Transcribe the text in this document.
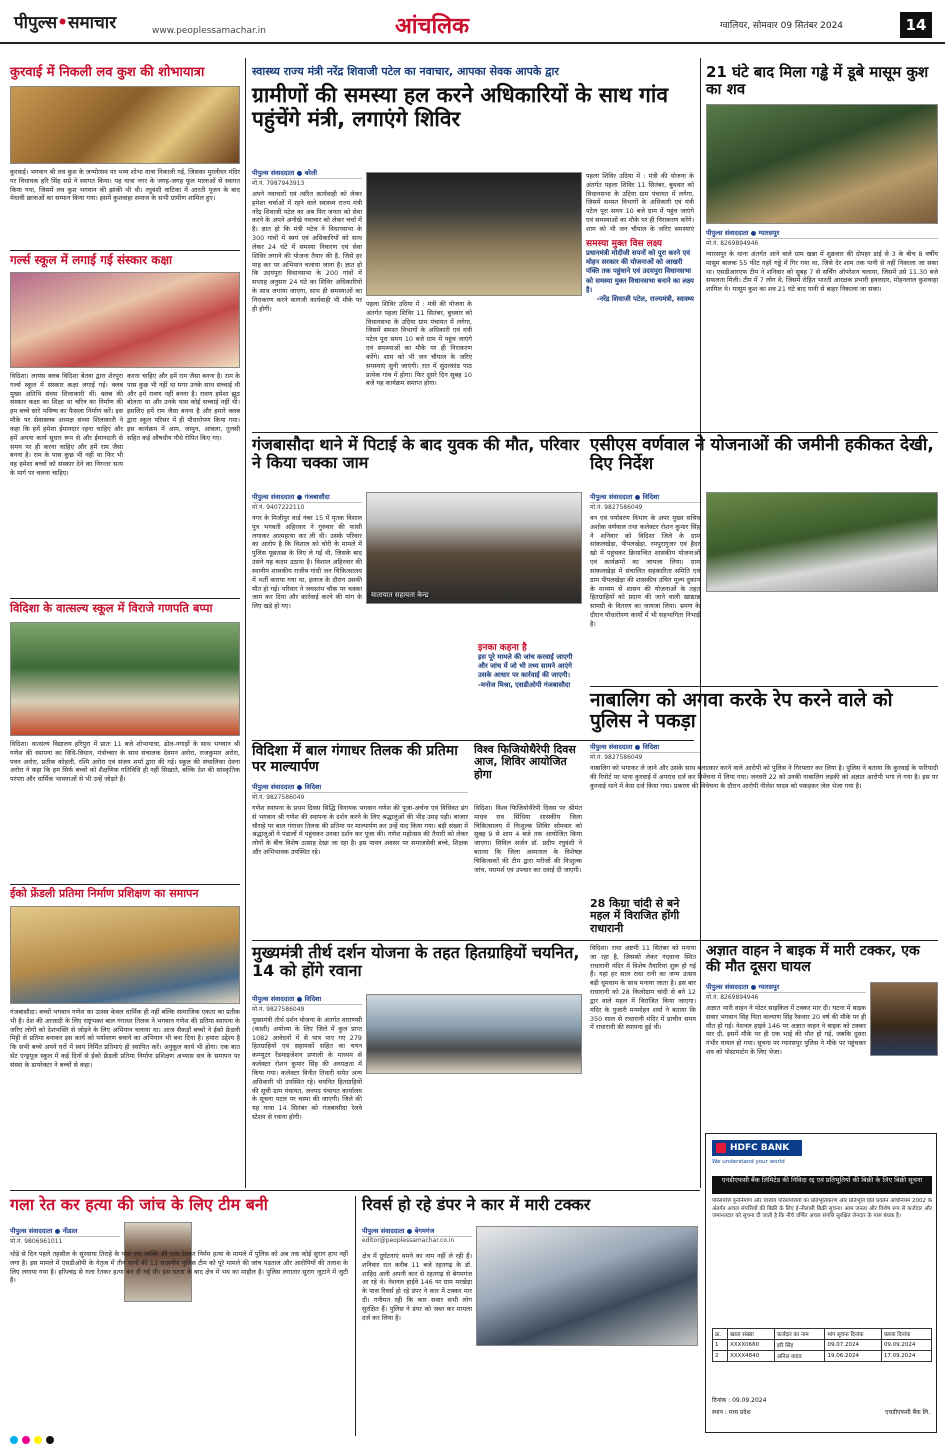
पीपुल्स•समाचार	www.peoplessamachar.in	आंचलिक	ग्वालियर, सोमवार 09 सितंबर 2024	14
कुरवाई में निकली लव कुश की शोभायात्रा
कुरवाई। भगवान श्री लव कुश के जन्मोत्सव पर भव्य शोभा यात्रा निकाली गई, जिसका मुरलीधर मंदिर पर विधायक हरि सिंह सप्रे ने स्वागत किया। यह यात्रा नगर के जगह-जगह फूल मालाओं से स्वागत किया गया, जिसमें लव कुश भगवान की झांकी भी थी। रघुवंशी वाटिका में आरती पूजन के बाद मेधावी छात्राओं का सम्मान किया गया। इसमें कुशवाहा समाज के सभी ग्रामीण शामिल हुए।
गर्ल्स स्कूल में लगाई गई संस्कार कक्षा
विदिशा। लायंस क्लब विदिशा बेतवा द्वारा शेरपुरा गर्ल्स स्कूल में संस्कार कक्षा लगाई गई। क्लब मुख्य अतिथि संध्या शिलाकारी थीं। क्लब की संस्कार कक्षा का शिक्षा था चरित्र का निर्माण की हम बच्चे सारे भविष्य का फैसला निर्माण करें। इस मौके पर सेवाक्लब अध्यक्ष संध्या शिलाकारी ने कहा कि हमें हमेशा ईमानदार रहना चाहिए और हमें अपना कार्य सुधार रूप से और ईमानदारी से समय पर ही करना चाहिए और हमें राम जैसा बनना है। राम के पास कुछ भी नहीं था फिर भी वह हमेशा बच्चों को संस्कार देने का निरन्तर सत्य के मार्ग पर चलना चाहिए।
करना चाहिए और हमें राम जैसा बनना है। राम के पास कुछ भी नहीं था मगर उनके साथ सच्चाई थी और हमें रावण नहीं बनना है। रावण हमेशा झूठ बोलता था और उनके पास कोई सच्चाई नहीं थी। इसलिए हमें राम जैसा बनना है और हमारे क्लब द्वारा स्कूल परिसर में ही पौधारोपण किया गया। इस कार्यक्रम में आम, जामुन, आंवला, तुलसी सहित कई औषधीय पौधे रोपित किए गए।
विदिशा के वात्सल्य स्कूल में विराजे गणपति बप्पा
विदिशा। वात्सल्य विद्यालय हरिपुरा में प्रातः 11 बजे शोभायात्रा, ढोल-नगाड़ों के साथ भगवान श्री गणेश की स्थापना का विधि-विधान, मंत्रोच्चार के साथ संचालक देवमन अरोरा, राजकुमार अरोरा, पवन अरोरा, प्रतीक कोहली, रश्मि अरोरा एवं संजय शर्मा द्वारा की गई। स्कूल की संचालिका देवना अरोरा ने कहा कि हम सिर्फ बच्चों को शैक्षणिक गतिविधि ही नहीं सिखाते, बल्कि देश की सांस्कृतिक परंपरा और धार्मिक भावनाओं से भी उन्हें जोड़ते हैं।
ईको फ्रेंडली प्रतिमा निर्माण प्रशिक्षण का समापन
गंजबासौदा। बच्चों भगवान गणेश का उत्सव केवल धार्मिक ही नहीं बल्कि सामाजिक एकता का प्रतीक भी है। देश की आजादी के लिए राष्ट्रभक्त बाल गंगाधर तिलक ने भगवान गणेश की प्रतिमा स्थापना के जरिए लोगों को देशभक्ति से जोड़ने के लिए अभियान चलाया था। आज सैकड़ों बच्चों ने ईको फ्रेंडली मिट्टी से प्रतिमा बनाकर इस कार्य को पर्यावरण बचाने का अभियान भी बना दिया है। हमारा उद्देश्य है कि सभी बच्चे अपने घरों में स्वयं निर्मित प्रतिमाएं ही स्थापित करें। अनुकूल कार्य भी होगा। एक बात सेंट एन्ड्रयूज स्कूल में कई दिनों से ईको फ्रेंडली प्रतिमा निर्माण प्रशिक्षण अभ्यास सत्र के समापन पर संस्था के डायरेक्टर ने बच्चों से कहा।
स्वास्थ्य राज्य मंत्री नरेंद्र शिवाजी पटेल का नवाचार, आपका सेवक आपके द्वार
ग्रामीणों की समस्या हल करने अधिकारियों के साथ गांव पहुंचेंगे मंत्री, लगाएंगे शिविर
पीपुल्स संवाददाता ● बरेली
मो.नं. 7987943913
अपने नवाचारों एवं त्वरित कार्यवाही को लेकर हमेशा चर्चाओं में रहने वाले स्वास्थ्य राज्य मंत्री नरेंद्र शिवाजी पटेल का अब फिर जनता को सेवा करने के अपने अनोखे नवाचार को लेकर चर्चा में है। ज्ञात हो कि मंत्री पटेल ने विधानसभा के 300 गांवों में स्वयं एवं अधिकारियों को साथ लेकर 24 घंटे में समस्या निवारण एवं सेवा शिविर लगाने की योजना तैयार की है, जिसे हर माह कर पर अभियान चलाया जाना है। ज्ञात हो कि उदयपुरा विधानसभा के 200 गांवों में सप्ताह अनुसार 24 घंटे का शिविर अधिकारियों के साथ लगाया जाएगा, साथ ही समस्याओं का निराकरण करने कागजी कार्यवाही भी मौके पर ही होगी।
पहला शिविर उदिया में : मंत्री की योजना के अंतर्गत पहला शिविर 11 सितंबर, बुधवार को विधानसभा के उदिया ग्राम पंचायत में लगेगा, जिसमें समस्त विभागों के अधिकारी एवं मंत्री पटेल पूरा समय 10 बजे ग्राम में पहुंच जाएंगे एवं समस्याओं का मौके पर ही निराकरण करेंगे। शाम को भी जन चौपाल के जरिए समस्याएं सुनी जाएंगी। रात में सुंदरकांड पाठ प्रत्येक गांव में होगा। फिर दूसरे दिन सुबह 10 बजे यह कार्यक्रम समाप्त होगा।
पहला शिविर उदिया में : मंत्री की योजना के अंतर्गत पहला शिविर 11 सितंबर, बुधवार को विधानसभा के उदिया ग्राम पंचायत में लगेगा, जिसमें समस्त विभागों के अधिकारी एवं मंत्री पटेल पूरा समय 10 बजे ग्राम में पहुंच जाएंगे एवं समस्याओं का मौके पर ही निराकरण करेंगे। शाम को भी जन चौपाल के जरिए समस्याएं
समस्या मुक्त विस लक्ष्य
प्रधानमंत्री मोदीजी सपनों को पूरा करने एवं मोहन सरकार की योजनाओं को आखरी पंक्ति तक पहुंचाने एवं उदयपुरा विधानसभा को समस्या मुक्त विधानसभा बनाने का लक्ष्य है।
-नरेंद्र शिवाजी पटेल, राज्यमंत्री, स्वास्थ्य
गंजबासौदा थाने में पिटाई के बाद युवक की मौत, परिवार ने किया चक्का जाम
पीपुल्स संवाददाता ● गंजबासौदा
मो.नं. 9407222110
नगर के मिजीपुर वार्ड नंबर 15 में मृतक विशाल पुत्र भगवती अहिरवार ने गुरुवार की फांसी लगाकर आत्महत्या कर ली थी। उसके परिवार का आरोप है कि विशाल को चोरी के मामले में पुलिस पूछताछ के लिए ले गई थी, जिसके बाद उसने यह कदम उठाया है। विशाल अहिरवार की स्थानीय शासकीय राजीव गांधी जन चिकित्सालय में भर्ती कराया गया था, इलाज के दौरान उसकी मौत हो गई। परिवार ने जयस्तंभ चौक पर चक्का जाम कर दिया और कार्रवाई करने की मांग के लिए खड़े हो गए।
यातायात सहायता केन्द्र
इनका कहना है
इस पूरे मामले की जांच करवाई जाएगी और जांच में जो भी तथ्य सामने आएंगे उसके आधार पर कार्रवाई की जाएगी।
-मनोज मिश्रा, एसडीओपी गंजबासौदा
विदिशा में बाल गंगाधर तिलक की प्रतिमा पर माल्यार्पण
पीपुल्स संवाददाता ● विदिशा
मो.नं. 9827586049
गणेश स्थापना के प्रथम दिवस सिद्धि विनायक भगवान गणेश की पूजा-अर्चना एवं विधिवत ढंग से भगवान श्री गणेश की स्थापना के दर्शन करने के लिए श्रद्धालुओं की भीड़ उमड़ पड़ी। बाजार चौराहे पर बाल गंगाधर तिलक की प्रतिमा पर माल्यार्पण कर उन्हें याद किया गया। बड़ी संख्या में श्रद्धालुओं ने पंडालों में पहुंचकर उनका दर्शन कर पूजा की। गणेश महोत्सव की तैयारी को लेकर लोगों के बीच विशेष उत्साह देखा जा रहा है। इस पावन अवसर पर समाजसेवी बच्चे, शिक्षक और अभिभावक उपस्थित रहे।
विश्व फिजियोथैरेपी दिवस आज, शिविर आयोजित होगा
विदिशा। विश्व फिजियोथैरेपी दिवस पर श्रीमंत माधव राव सिंधिया शासकीय जिला चिकित्सालय में निःशुल्क शिविर सोमवार को सुबह 9 से शाम 4 बजे तक आयोजित किया जाएगा। सिविल सर्जन डॉ. प्रदीप रघुवंशी ने बताया कि जिला अस्पताल के विशेषज्ञ चिकित्सकों की टीम द्वारा मरीजों की निःशुल्क जांच, परामर्श एवं उपचार कर दवाई दी जाएगी।
21 घंटे बाद मिला गड्ढे में डूबे मासूम कुश का शव
पीपुल्स संवाददाता ● ग्यारसपुर
मो.नं. 8269894946
ग्यारसपुर के थाना अंतर्गत आने वाले ग्राम खन्ना में शुक्रवार की दोपहर डाई से 3 के बीच 8 वर्षीय मासूम बालक 55 फीट गहरे गड्ढे में गिर गया था, जिसे देर शाम तक पानी से नहीं निकाला जा सका था। एसडीआरएफ टीम ने शनिवार को सुबह 7 से सर्चिंग ऑपरेशन चलाया, जिसमें उसे 11.30 बजे सफलता मिली। टीम में 7 लोग थे, जिसमें रोहित भारती आरक्षक प्रभारी हवलदार, मोहनलाल कुशवाहा शामिल थे। मासूम कुश का शव 21 घंटे बाद पानी से बाहर निकाला जा सका।
एसीएस वर्णवाल ने योजनाओं की जमीनी हकीकत देखी, दिए निर्देश
पीपुल्स संवाददाता ● विदिशा
मो.नं. 9827586049
वन एवं पर्यावरण विभाग के अपर मुख्य सचिव अशोक वर्णवाल तथा कलेक्टर रोशन कुमार सिंह ने शनिवार को विदिशा जिले के ग्राम सांकलखेड़ा, पीपलखेड़ा, रमपुरागुजर एवं हैदर खो में पहुंचकर क्रियान्वित शासकीय योजनाओं एवं कार्यक्रमों का जायजा लिया। ग्राम सांकलखेड़ा में संचालित सहकारिता समिति एवं ग्राम पीपलखेड़ा की शासकीय उचित मूल्य दुकान के माध्यम से शासन की योजनाओं के तहत हितग्राहियों को प्रदाय की जाने वाली खाद्यान्न सामग्री के वितरण का जायजा लिया। भ्रमण के दौरान पौधारोपण कार्यों में भी सहभागिता निभाई है।
नाबालिग को अगवा करके रेप करने वाले को पुलिस ने पकड़ा
पीपुल्स संवाददाता ● विदिशा
मो.नं. 9827586049
नाबालिग को भगाकर ले जाने और उसके साथ बलात्कार करने वाले आरोपी को पुलिस ने गिरफ्तार कर लिया है। पुलिस ने बताया कि कुरवाई के फरियादी की रिपोर्ट पर थाना कुरवाई में अपराध दर्ज कर विवेचना में लिया गया। जनवरी 22 को उनकी नाबालिग लड़की को अज्ञात आरोपी भगा ले गया है। इस पर कुरवाई थाने में केस दर्ज किया गया। प्रकरण की विवेचना के दौरान आरोपी नीलेश यादव को पकड़कर जेल भेजा गया है।
मुख्यमंत्री तीर्थ दर्शन योजना के तहत हितग्राहियों चयनित, 14 को होंगे रवाना
पीपुल्स संवाददाता ● विदिशा
मो.नं. 9827586049
मुख्यमंत्री तीर्थ दर्शन योजना के अंतर्गत वाराणसी (काशी) अयोध्या के लिए जिले में कुल प्राप्त 1082 आवेदनों में से पात्र पाए गए 279 हितग्राहियों एवं सहायकों सहित का चयन कम्प्यूटर रेंडमाइजेशन प्रणाली के माध्यम से कलेक्टर रोशन कुमार सिंह की अध्यक्षता में किया गया। कलेक्टर विनीत तिवारी समेत अन्य अधिकारी भी उपस्थित रहे। चयनित हितग्राहियों की सूची ग्राम पंचायत, जनपद पंचायत कार्यालय के सूचना पटल पर चस्पा की जाएगी। जिले की यह यात्रा 14 सितंबर को गंजबासौदा रेलवे स्टेशन से रवाना होगी।
28 किग्रा चांदी से बने महल में विराजित होंगी राधारानी
विदिशा। राधा अष्टमी 11 सितंबर को मनाया जा रहा है, जिसको लेकर नंदवाना स्थित राधारानी मंदिर में विशेष तैयारियां शुरू हो गई हैं। यहां हर साल राधा रानी का जन्म उत्सव बड़ी धूमधाम के साथ मनाया जाता है। इस बार राधारानी को 28 किलोग्राम चांदी से बने 12 द्वार वाले महल में विराजित किया जाएगा। मंदिर के पुजारी मनमोहन शर्मा ने बताया कि 350 साल से राधारानी मंदिर में प्राचीन समय में राधारानी की स्थापना हुई थी।
अज्ञात वाहन ने बाइक में मारी टक्कर, एक की मौत दूसरा घायल
पीपुल्स संवाददाता ● ग्यारसपुर
मो.नं. 8269894946
अज्ञात भारी वाहन ने मोटर साइकिल में टक्कर मार दी। घटना में बाइक सवार भगवान सिंह पिता कल्याण सिंह रैकवार 20 वर्ष की मौके पर ही मौत हो गई। नेशनल हाइवे 146 पर अज्ञात वाहन ने बाइक को टक्कर मार दी, इसमें मौके पर ही एक भाई की मौत हो गई, जबकि दूसरा गंभीर घायल हो गया। सूचना पर ग्यारसपुर पुलिस ने मौके पर पहुंचकर शव को पोस्टमार्टम के लिए भेजा।
गला रेत कर हत्या की जांच के लिए टीम बनी
पीपुल्स संवाददाता ● नीडाल
मो.नं. 9806961011
थोड़े से दिन पहले तहसील के सुरवाया तिराहे के पास एक व्यक्ति की गला रेतकर निर्मम हत्या के मामले में पुलिस को अब तक कोई सुराग हाथ नहीं लगा है। इस मामले में एसडीओपी के नेतृत्व में तीन थानों की 13 सदस्यीय पुलिस टीम को पूरे मामले की जांच पड़ताल और आरोपियों की तलाश के लिए लगाया गया है। हरिश्चंद्र से गला रेतकर हत्या कर दी गई थी। इस घटना के बाद क्षेत्र में भय का माहौल है। पुलिस लगातार सुराग जुटाने में जुटी है।
रिवर्स हो रहे डंपर ने कार में मारी टक्कर
पीपुल्स संवाददाता ● बेगमगंज
editor@peoplessamachar.co.in
क्षेत्र में दुर्घटनाएं थमने का नाम नहीं ले रही हैं। शनिवार रात करीब 11 बजे रहतगढ़ के डॉ. शाहिद अली अपनी कार से रहतगढ़ से बेगमगंज आ रहे थे। नेशनल हाईवे 146 पर ग्राम मरखेड़ा के पास रिवर्स हो रहे डंपर ने कार में टक्कर मार दी। गनीमत रही कि कार सवार सभी लोग सुरक्षित हैं। पुलिस ने डंपर को जब्त कर मामला दर्ज कर लिया है।
HDFC BANK
We understand your world
एनडीएफसी बैंक लिमिटेड की निविदा रद्द एवं प्रतिभूतियों की बिक्री के लिए बिक्री सूचना
परिसंपत्ति पुनर्निर्माण और वित्तीय परिसंपत्तियों का प्रतिभूतिकरण और प्रतिभूति हित प्रवर्तन अधिनियम 2002 के अंतर्गत अचल संपत्तियों की बिक्री के लिए ई-नीलामी बिक्री सूचना। आम जनता और विशेष रूप से कर्जदार और जमानतदार को सूचना दी जाती है कि नीचे वर्णित अचल संपत्ति सुरक्षित लेनदार के पास बंधक है।
क्र.	खाता संख्या	कर्जदार का नाम	मांग सूचना दिनांक	कब्जा दिनांक
1	XXXX0660	हरि सिंह	09.07.2024	09.09.2024
2	XXXX4840	अनिल यादव	19.06.2024	17.09.2024
दिनांक : 09.09.2024
स्थान : मध्य प्रदेश	एचडीएफसी बैंक लि.
